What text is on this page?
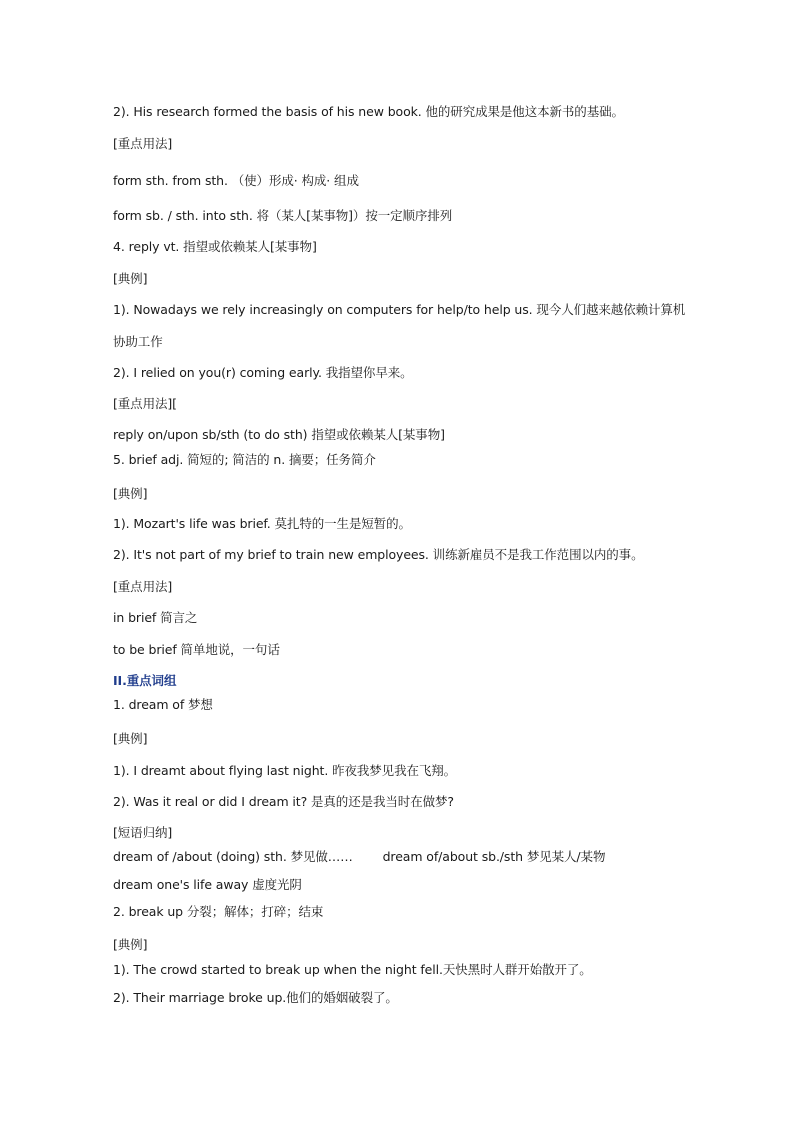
2). His research formed the basis of his new book. 他的研究成果是他这本新书的基础。
[重点用法]
form sth. from sth. （使）形成· 构成· 组成
form sb. / sth. into sth. 将（某人[某事物]）按一定顺序排列
4. reply vt. 指望或依赖某人[某事物]
[典例]
1). Nowadays we rely increasingly on computers for help/to help us. 现今人们越来越依赖计算机
协助工作
2). I relied on you(r) coming early. 我指望你早来。
[重点用法][
reply on/upon sb/sth (to do sth) 指望或依赖某人[某事物]
5. brief adj. 简短的; 简洁的 n. 摘要；任务简介
[典例]
1). Mozart's life was brief. 莫扎特的一生是短暂的。
2). It's not part of my brief to train new employees. 训练新雇员不是我工作范围以内的事。
[重点用法]
in brief 简言之
to be brief 简单地说，一句话
II.重点词组
1. dream of 梦想
[典例]
1). I dreamt about flying last night. 昨夜我梦见我在飞翔。
2). Was it real or did I dream it? 是真的还是我当时在做梦?
[短语归纳]
dream of /about (doing) sth. 梦见做…… dream of/about sb./sth 梦见某人/某物
dream one's life away 虚度光阴
2. break up 分裂；解体；打碎；结束
[典例]
1). The crowd started to break up when the night fell.天快黑时人群开始散开了。
2). Their marriage broke up.他们的婚姻破裂了。
